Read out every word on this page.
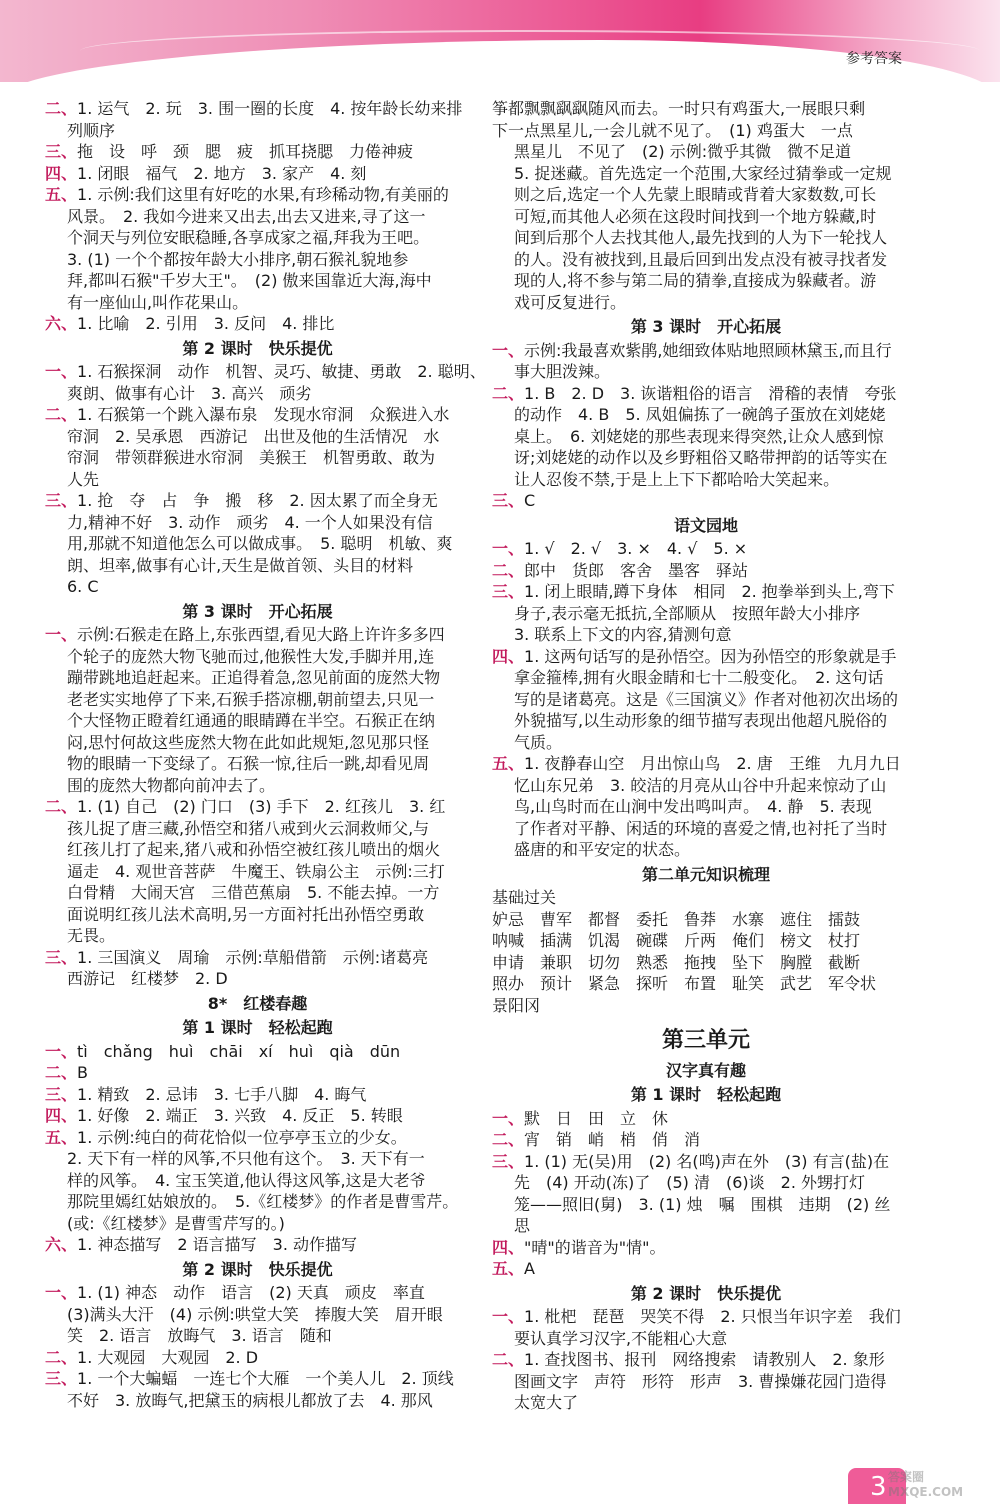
参考答案
二、1. 运气　2. 玩　3. 围一圈的长度　4. 按年龄长幼来排
列顺序
三、拖　设　呼　颈　腮　疲　抓耳挠腮　力倦神疲
四、1. 闭眼　福气　2. 地方　3. 家产　4. 刻
五、1. 示例:我们这里有好吃的水果,有珍稀动物,有美丽的
风景。　2. 我如今进来又出去,出去又进来,寻了这一
个洞天与列位安眠稳睡,各享成家之福,拜我为王吧。
3. (1) 一个个都按年龄大小排序,朝石猴礼貌地参
拜,都叫石猴"千岁大王"。　(2) 傲来国靠近大海,海中
有一座仙山,叫作花果山。
六、1. 比喻　2. 引用　3. 反问　4. 排比
第 2 课时　快乐提优
一、1. 石猴探洞　动作　机智、灵巧、敏捷、勇敢　2. 聪明、
爽朗、做事有心计　3. 高兴　顽劣
二、1. 石猴第一个跳入瀑布泉　发现水帘洞　众猴进入水
帘洞　2. 吴承恩　西游记　出世及他的生活情况　水
帘洞　带领群猴进水帘洞　美猴王　机智勇敢、敢为
人先
三、1. 抢　夺　占　争　搬　移　2. 因太累了而全身无
力,精神不好　3. 动作　顽劣　4. 一个人如果没有信
用,那就不知道他怎么可以做成事。　5. 聪明　机敏、爽
朗、坦率,做事有心计,天生是做首领、头目的材料
6. C
第 3 课时　开心拓展
一、示例:石猴走在路上,东张西望,看见大路上许许多多四
个轮子的庞然大物飞驰而过,他猴性大发,手脚并用,连
蹦带跳地追赶起来。正追得着急,忽见前面的庞然大物
老老实实地停了下来,石猴手搭凉棚,朝前望去,只见一
个大怪物正瞪着红通通的眼睛蹲在半空。石猴正在纳
闷,思忖何故这些庞然大物在此如此规矩,忽见那只怪
物的眼睛一下变绿了。石猴一惊,往后一跳,却看见周
围的庞然大物都向前冲去了。
二、1. (1) 自己　(2) 门口　(3) 手下　2. 红孩儿　3. 红
孩儿捉了唐三藏,孙悟空和猪八戒到火云洞救师父,与
红孩儿打了起来,猪八戒和孙悟空被红孩儿喷出的烟火
逼走　4. 观世音菩萨　牛魔王、铁扇公主　示例:三打
白骨精　大闹天宫　三借芭蕉扇　5. 不能去掉。一方
面说明红孩儿法术高明,另一方面衬托出孙悟空勇敢
无畏。
三、1. 三国演义　周瑜　示例:草船借箭　示例:诸葛亮
西游记　红楼梦　2. D
8*　红楼春趣
第 1 课时　轻松起跑
一、tì　chǎng　huì　chāi　xí　huì　qià　dūn
二、B
三、1. 精致　2. 忌讳　3. 七手八脚　4. 晦气
四、1. 好像　2. 端正　3. 兴致　4. 反正　5. 转眼
五、1. 示例:纯白的荷花恰似一位亭亭玉立的少女。
2. 天下有一样的风筝,不只他有这个。　3. 天下有一
样的风筝。　4. 宝玉笑道,他认得这风筝,这是大老爷
那院里嫣红姑娘放的。　5.《红楼梦》的作者是曹雪芹。
(或:《红楼梦》是曹雪芹写的。)
六、1. 神态描写　2 语言描写　3. 动作描写
第 2 课时　快乐提优
一、1. (1) 神态　动作　语言　(2) 天真　顽皮　率直
(3)满头大汗　(4) 示例:哄堂大笑　捧腹大笑　眉开眼
笑　2. 语言　放晦气　3. 语言　随和
二、1. 大观园　大观园　2. D
三、1. 一个大蝙蝠　一连七个大雁　一个美人儿　2. 顶线
不好　3. 放晦气,把黛玉的病根儿都放了去　4. 那风
筝都飘飘飖飖随风而去。一时只有鸡蛋大,一展眼只剩
下一点黑星儿,一会儿就不见了。　(1) 鸡蛋大　一点
黑星儿　不见了　(2) 示例:微乎其微　微不足道
5. 捉迷藏。首先选定一个范围,大家经过猜拳或一定规
则之后,选定一个人先蒙上眼睛或背着大家数数,可长
可短,而其他人必须在这段时间找到一个地方躲藏,时
间到后那个人去找其他人,最先找到的人为下一轮找人
的人。没有被找到,且最后回到出发点没有被寻找者发
现的人,将不参与第二局的猜拳,直接成为躲藏者。游
戏可反复进行。
第 3 课时　开心拓展
一、示例:我最喜欢紫鹃,她细致体贴地照顾林黛玉,而且行
事大胆泼辣。
二、1. B　2. D　3. 诙谐粗俗的语言　滑稽的表情　夸张
的动作　4. B　5. 凤姐偏拣了一碗鸽子蛋放在刘姥姥
桌上。　6. 刘姥姥的那些表现来得突然,让众人感到惊
讶;刘姥姥的动作以及乡野粗俗又略带押韵的话等实在
让人忍俊不禁,于是上上下下都哈哈大笑起来。
三、C
语文园地
一、1. √　2. √　3. ×　4. √　5. ×
二、郎中　货郎　客舍　墨客　驿站
三、1. 闭上眼睛,蹲下身体　相同　2. 抱拳举到头上,弯下
身子,表示毫无抵抗,全部顺从　按照年龄大小排序
3. 联系上下文的内容,猜测句意
四、1. 这两句话写的是孙悟空。因为孙悟空的形象就是手
拿金箍棒,拥有火眼金睛和七十二般变化。　2. 这句话
写的是诸葛亮。这是《三国演义》作者对他初次出场的
外貌描写,以生动形象的细节描写表现出他超凡脱俗的
气质。
五、1. 夜静春山空　月出惊山鸟　2. 唐　王维　九月九日
忆山东兄弟　3. 皎洁的月亮从山谷中升起来惊动了山
鸟,山鸟时而在山涧中发出鸣叫声。　4. 静　5. 表现
了作者对平静、闲适的环境的喜爱之情,也衬托了当时
盛唐的和平安定的状态。
第二单元知识梳理
基础过关
妒忌　曹军　都督　委托　鲁莽　水寨　遮住　擂鼓
呐喊　插满　饥渴　碗碟　斤两　俺们　榜文　杖打
申请　兼职　切勿　熟悉　拖拽　坠下　胸膛　截断
照办　预计　紧急　探听　布置　耻笑　武艺　军令状
景阳冈
第三单元
汉字真有趣
第 1 课时　轻松起跑
一、默　日　田　立　休
二、宵　销　峭　梢　俏　消
三、1. (1) 无(吴)用　(2) 名(鸣)声在外　(3) 有言(盐)在
先　(4) 开动(冻)了　(5) 清　(6)谈　2. 外甥打灯
笼——照旧(舅)　3. (1) 烛　嘱　围棋　违期　(2) 丝
思
四、"晴"的谐音为"情"。
五、A
第 2 课时　快乐提优
一、1. 枇杷　琵琶　哭笑不得　2. 只恨当年识字差　我们
要认真学习汉字,不能粗心大意
二、1. 查找图书、报刊　网络搜索　请教别人　2. 象形
图画文字　声符　形符　形声　3. 曹操嫌花园门造得
太宽大了
3 答案圈 MXQE.COM
